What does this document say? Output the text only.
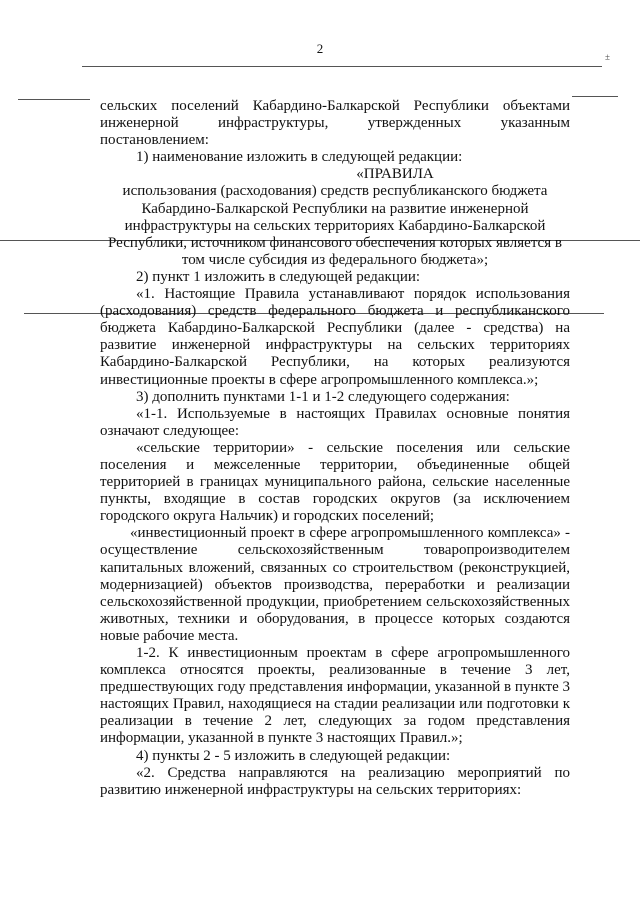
2
±

сельских поселений Кабардино-Балкарской Республики объектами инженерной инфраструктуры, утвержденных указанным постановлением:

1) наименование изложить в следующей редакции:

«ПРАВИЛА

использования (расходования) средств республиканского бюджета Кабардино-Балкарской Республики на развитие инженерной инфраструктуры на сельских территориях Кабардино-Балкарской Республики, источником финансового обеспечения которых является в том числе субсидия из федерального бюджета»;

2) пункт 1 изложить в следующей редакции:

«1. Настоящие Правила устанавливают порядок использования (расходования) средств федерального бюджета и республиканского бюджета Кабардино-Балкарской Республики (далее - средства) на развитие инженерной инфраструктуры на сельских территориях Кабардино-Балкарской Республики, на которых реализуются инвестиционные проекты в сфере агропромышленного комплекса.»;

3) дополнить пунктами 1-1 и 1-2 следующего содержания:

«1-1. Используемые в настоящих Правилах основные понятия означают следующее:

«сельские территории» - сельские поселения или сельские поселения и межселенные территории, объединенные общей территорией в границах муниципального района, сельские населенные пункты, входящие в состав городских округов (за исключением городского округа Нальчик) и городских поселений;

«инвестиционный проект в сфере агропромышленного комплекса» - осуществление сельскохозяйственным товаропроизводителем капитальных вложений, связанных со строительством (реконструкцией, модернизацией) объектов производства, переработки и реализации сельскохозяйственной продукции, приобретением сельскохозяйственных животных, техники и оборудования, в процессе которых создаются новые рабочие места.

1-2. К инвестиционным проектам в сфере агропромышленного комплекса относятся проекты, реализованные в течение 3 лет, предшествующих году представления информации, указанной в пункте 3 настоящих Правил, находящиеся на стадии реализации или подготовки к реализации в течение 2 лет, следующих за годом представления информации, указанной в пункте 3 настоящих Правил.»;

4) пункты 2 - 5 изложить в следующей редакции:

«2. Средства направляются на реализацию мероприятий по развитию инженерной инфраструктуры на сельских территориях:
